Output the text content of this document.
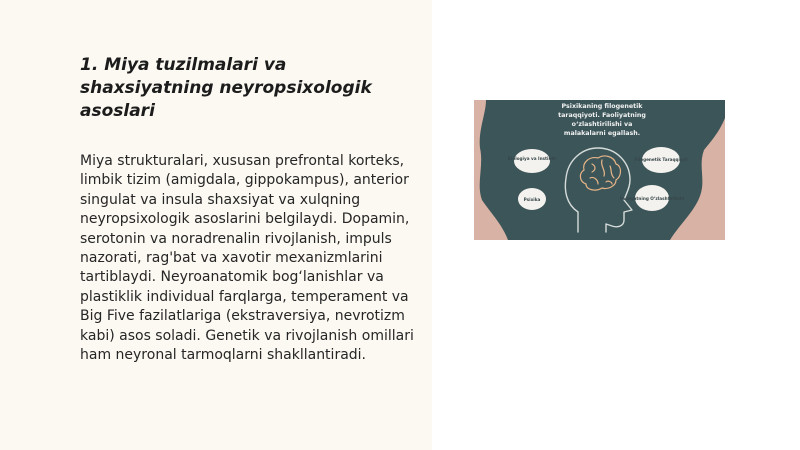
1. Miya tuzilmalari va shaxsiyatning neyropsixologik asoslari

Miya strukturalari, xususan prefrontal korteks, limbik tizim (amigdala, gippokampus), anterior singulat va insula shaxsiyat va xulqning neyropsixologik asoslarini belgilaydi. Dopamin, serotonin va noradrenalin rivojlanish, impuls nazorati, rag'bat va xavotir mexanizmlarini tartiblaydi. Neyroanatomik bog‘lanishlar va plastiklik individual farqlarga, temperament va Big Five fazilatlariga (ekstraversiya, nevrotizm kabi) asos soladi. Genetik va rivojlanish omillari ham neyronal tarmoqlarni shakllantiradi.

Psixikaning filogenetik
taraqqiyoti. Faoliyatning
o‘zlashtirilishi va
malakalarni egallash.
Biologiya va Instinkt
Psixika
Filogenetik Taraqqiyot
Faoliyatning O‘zlashtirilishi
